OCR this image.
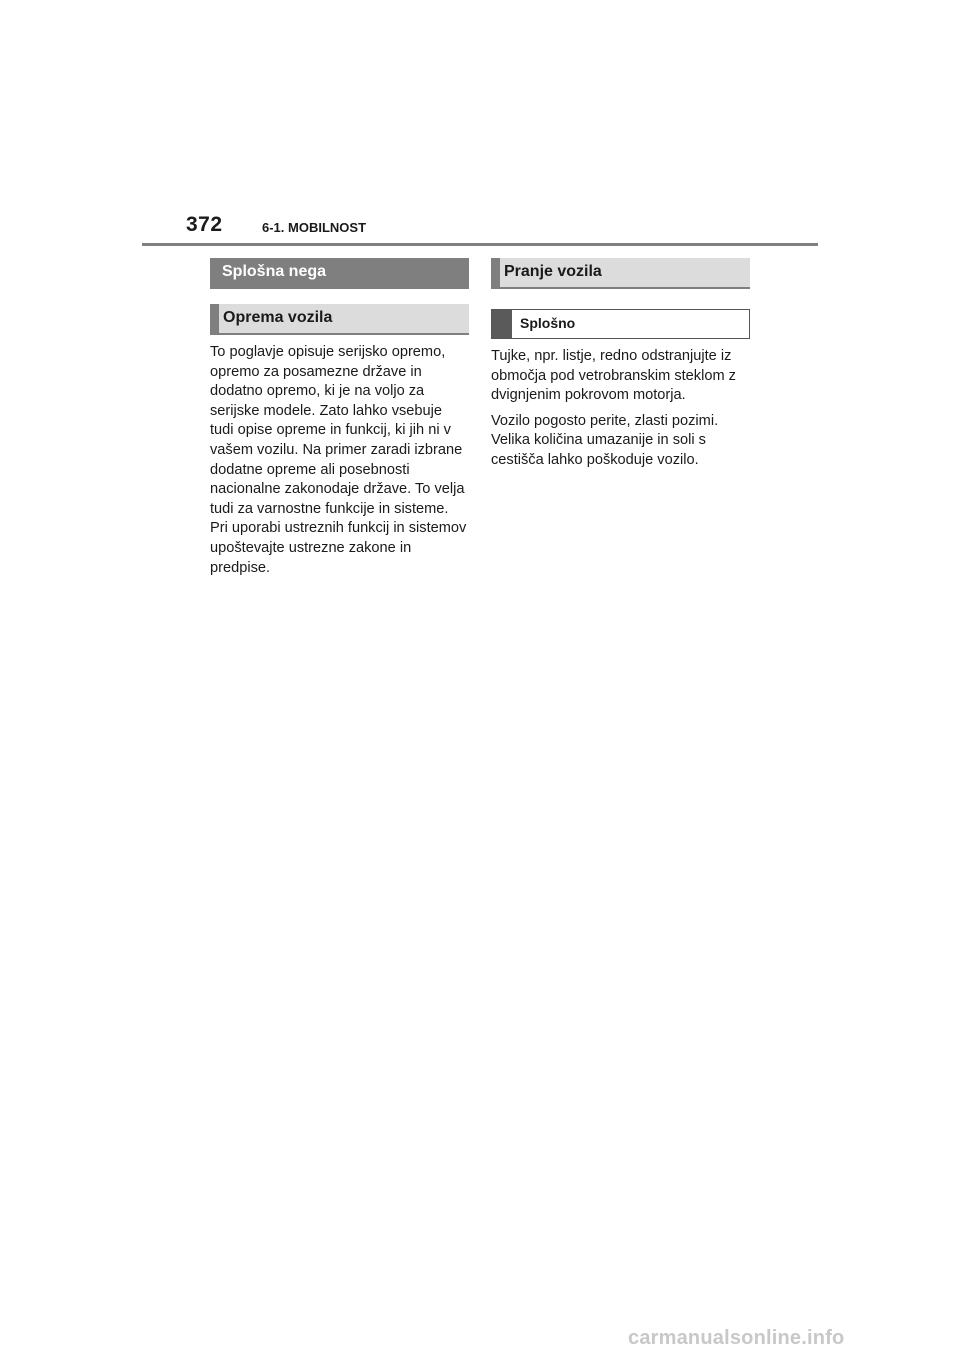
372	6-1. MOBILNOST
Splošna nega
Oprema vozila

To poglavje opisuje serijsko opremo, opremo za posamezne države in dodatno opremo, ki je na voljo za serijske modele. Zato lahko vsebuje tudi opise opreme in funkcij, ki jih ni v vašem vozilu. Na primer zaradi izbrane dodatne opreme ali posebnosti nacionalne zakonodaje države. To velja tudi za varnostne funkcije in sisteme. Pri uporabi ustreznih funkcij in sistemov upoštevajte ustrezne zakone in predpise.

Pranje vozila
Splošno

Tujke, npr. listje, redno odstranjujte iz območja pod vetrobranskim steklom z dvignjenim pokrovom motorja.

Vozilo pogosto perite, zlasti pozimi. Velika količina umazanije in soli s cestišča lahko poškoduje vozilo.

carmanualsonline.info
